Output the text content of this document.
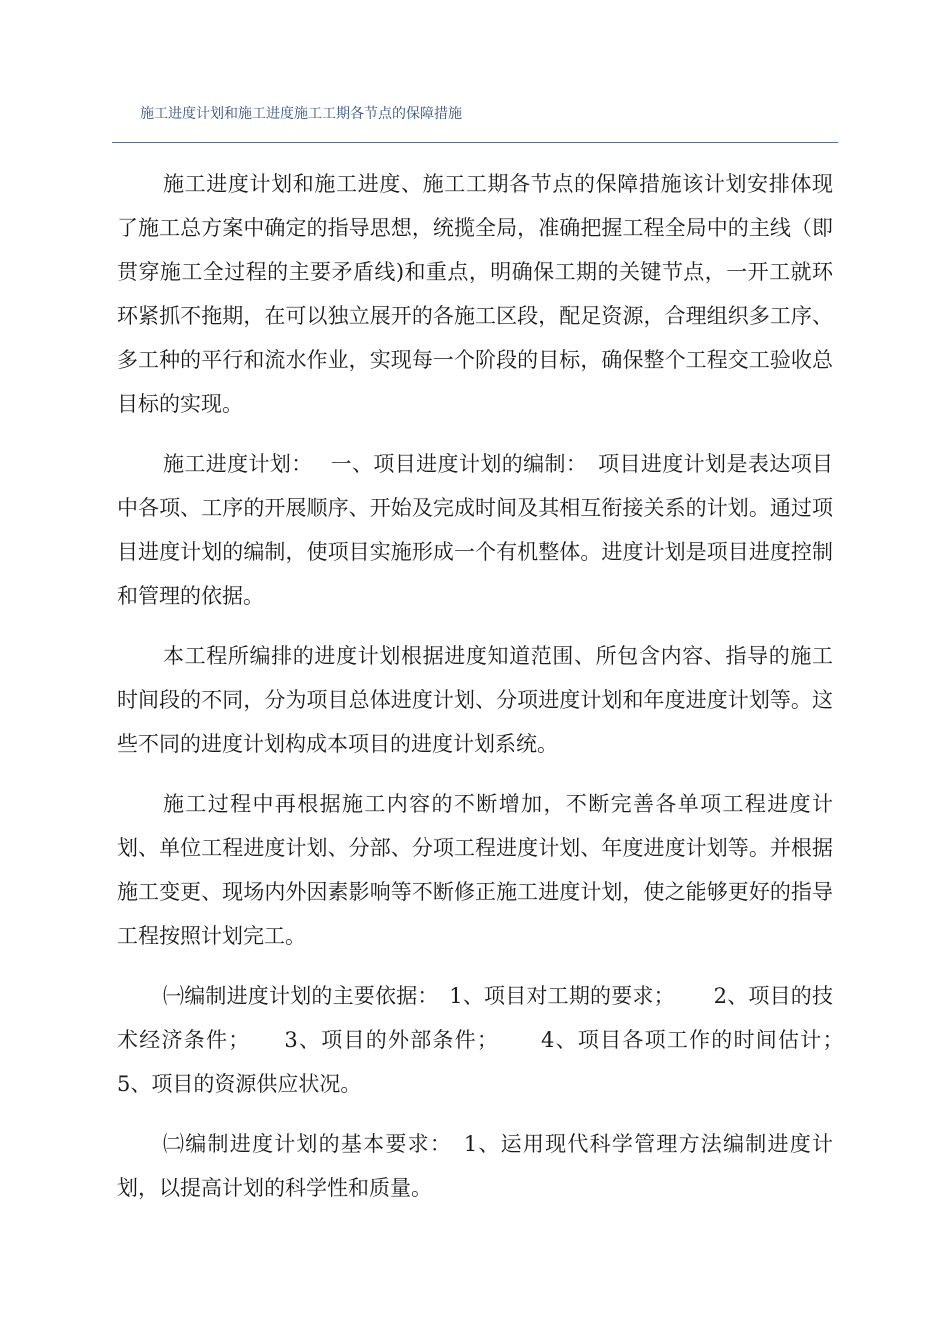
施工进度计划和施工进度施工工期各节点的保障措施

施工进度计划和施工进度、施工工期各节点的保障措施该计划安排体现了施工总方案中确定的指导思想，统揽全局，准确把握工程全局中的主线（即贯穿施工全过程的主要矛盾线)和重点，明确保工期的关键节点，一开工就环环紧抓不拖期，在可以独立展开的各施工区段，配足资源，合理组织多工序、多工种的平行和流水作业，实现每一个阶段的目标，确保整个工程交工验收总目标的实现。

施工进度计划：　 一、项目进度计划的编制：　项目进度计划是表达项目中各项、工序的开展顺序、开始及完成时间及其相互衔接关系的计划。通过项目进度计划的编制，使项目实施形成一个有机整体。进度计划是项目进度控制和管理的依据。

本工程所编排的进度计划根据进度知道范围、所包含内容、指导的施工时间段的不同，分为项目总体进度计划、分项进度计划和年度进度计划等。这些不同的进度计划构成本项目的进度计划系统。

施工过程中再根据施工内容的不断增加，不断完善各单项工程进度计划、单位工程进度计划、分部、分项工程进度计划、年度进度计划等。并根据施工变更、现场内外因素影响等不断修正施工进度计划，使之能够更好的指导工程按照计划完工。

㈠编制进度计划的主要依据：　1、项目对工期的要求；　　 2、项目的技术经济条件；　　3、项目的外部条件；　　 4、项目各项工作的时间估计；　　 5、项目的资源供应状况。

㈡编制进度计划的基本要求：　1、运用现代科学管理方法编制进度计划，以提高计划的科学性和质量。
